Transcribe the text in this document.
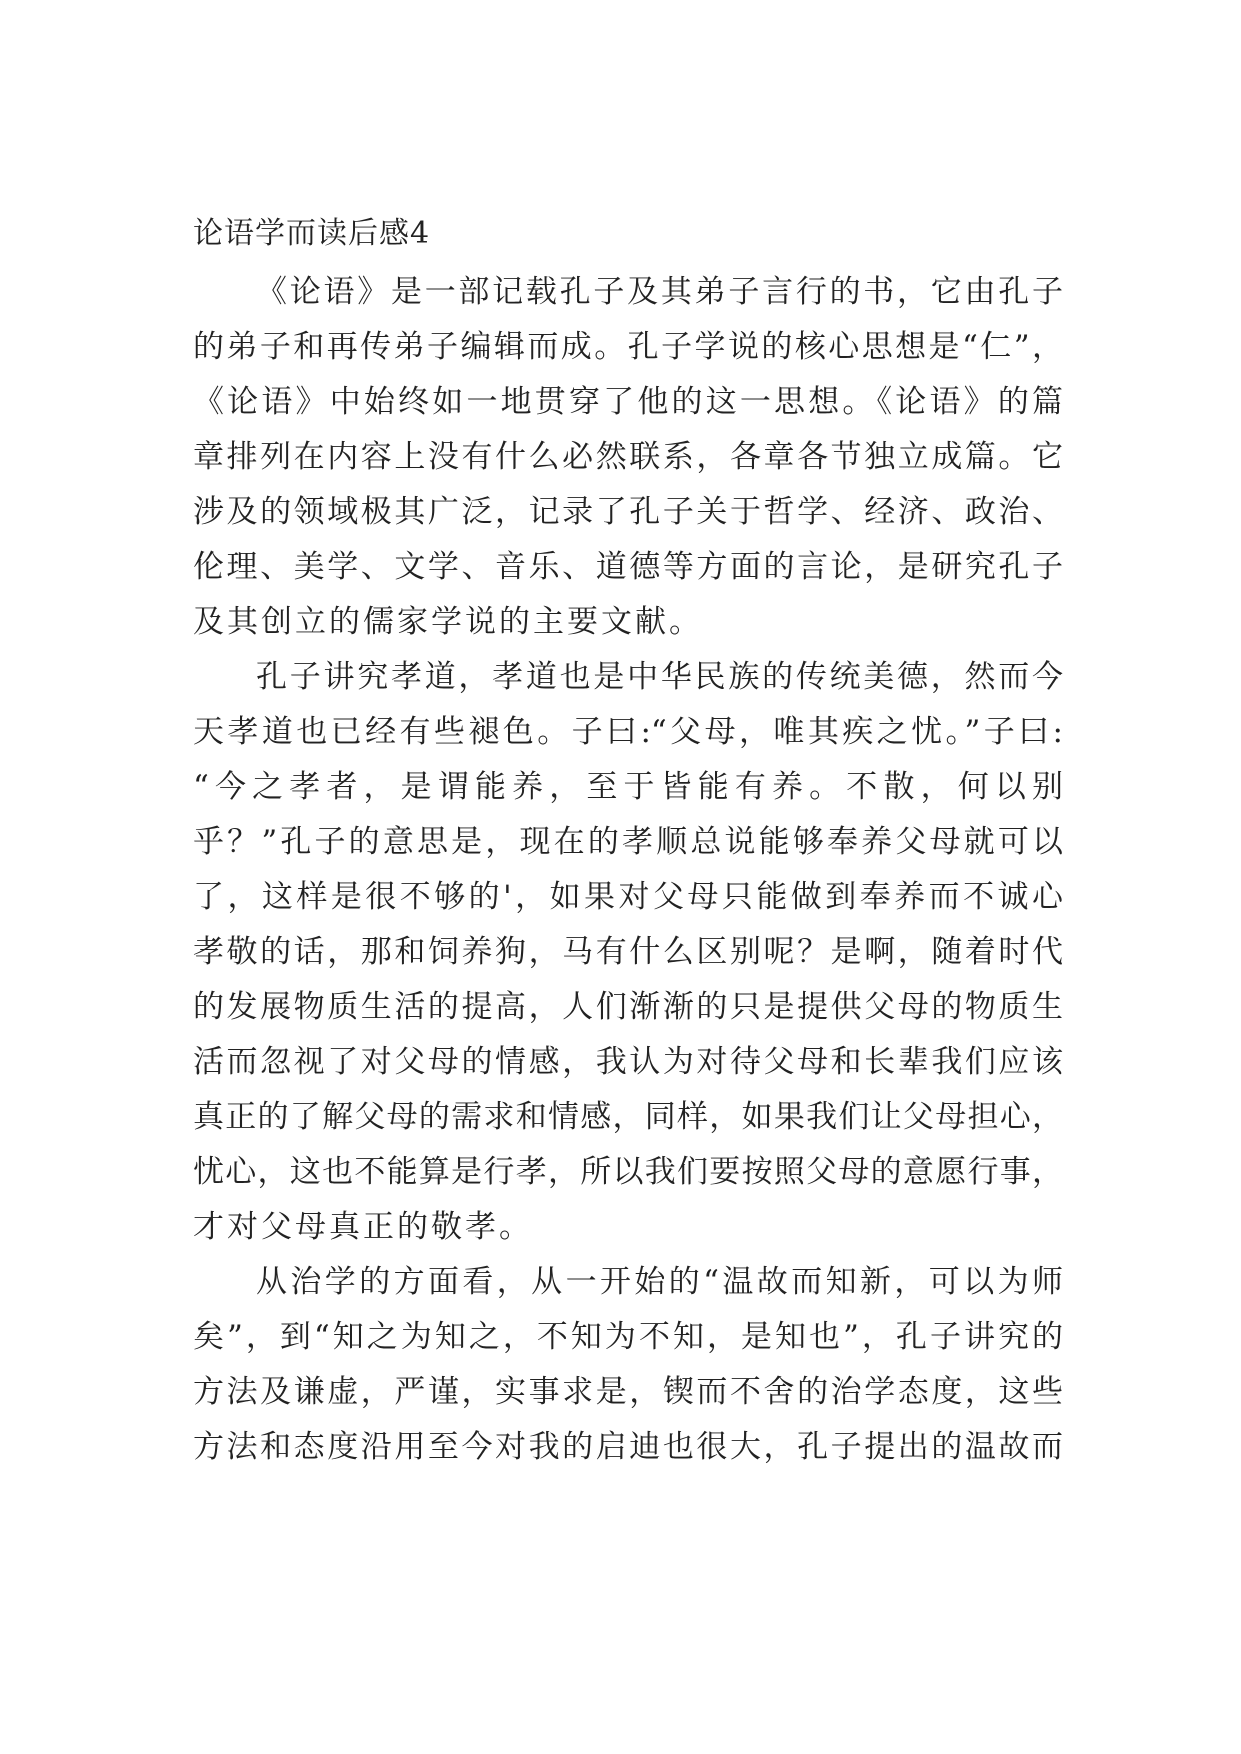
论语学而读后感4
《论语》是一部记载孔子及其弟子言行的书，它由孔子
的弟子和再传弟子编辑而成。孔子学说的核心思想是“仁”，
《论语》中始终如一地贯穿了他的这一思想。《论语》的篇
章排列在内容上没有什么必然联系，各章各节独立成篇。它
涉及的领域极其广泛，记录了孔子关于哲学、经济、政治、
伦理、美学、文学、音乐、道德等方面的言论，是研究孔子
及其创立的儒家学说的主要文献。
孔子讲究孝道，孝道也是中华民族的传统美德，然而今
天孝道也已经有些褪色。子曰:“父母，唯其疾之忧。”子曰:
“今之孝者，是谓能养，至于皆能有养。不散，何以别
乎？”孔子的意思是，现在的孝顺总说能够奉养父母就可以
了，这样是很不够的'，如果对父母只能做到奉养而不诚心
孝敬的话，那和饲养狗，马有什么区别呢？是啊，随着时代
的发展物质生活的提高，人们渐渐的只是提供父母的物质生
活而忽视了对父母的情感，我认为对待父母和长辈我们应该
真正的了解父母的需求和情感，同样，如果我们让父母担心，
忧心，这也不能算是行孝，所以我们要按照父母的意愿行事，
才对父母真正的敬孝。
从治学的方面看，从一开始的“温故而知新，可以为师
矣”，到“知之为知之，不知为不知，是知也”，孔子讲究的
方法及谦虚，严谨，实事求是，锲而不舍的治学态度，这些
方法和态度沿用至今对我的启迪也很大，孔子提出的温故而
